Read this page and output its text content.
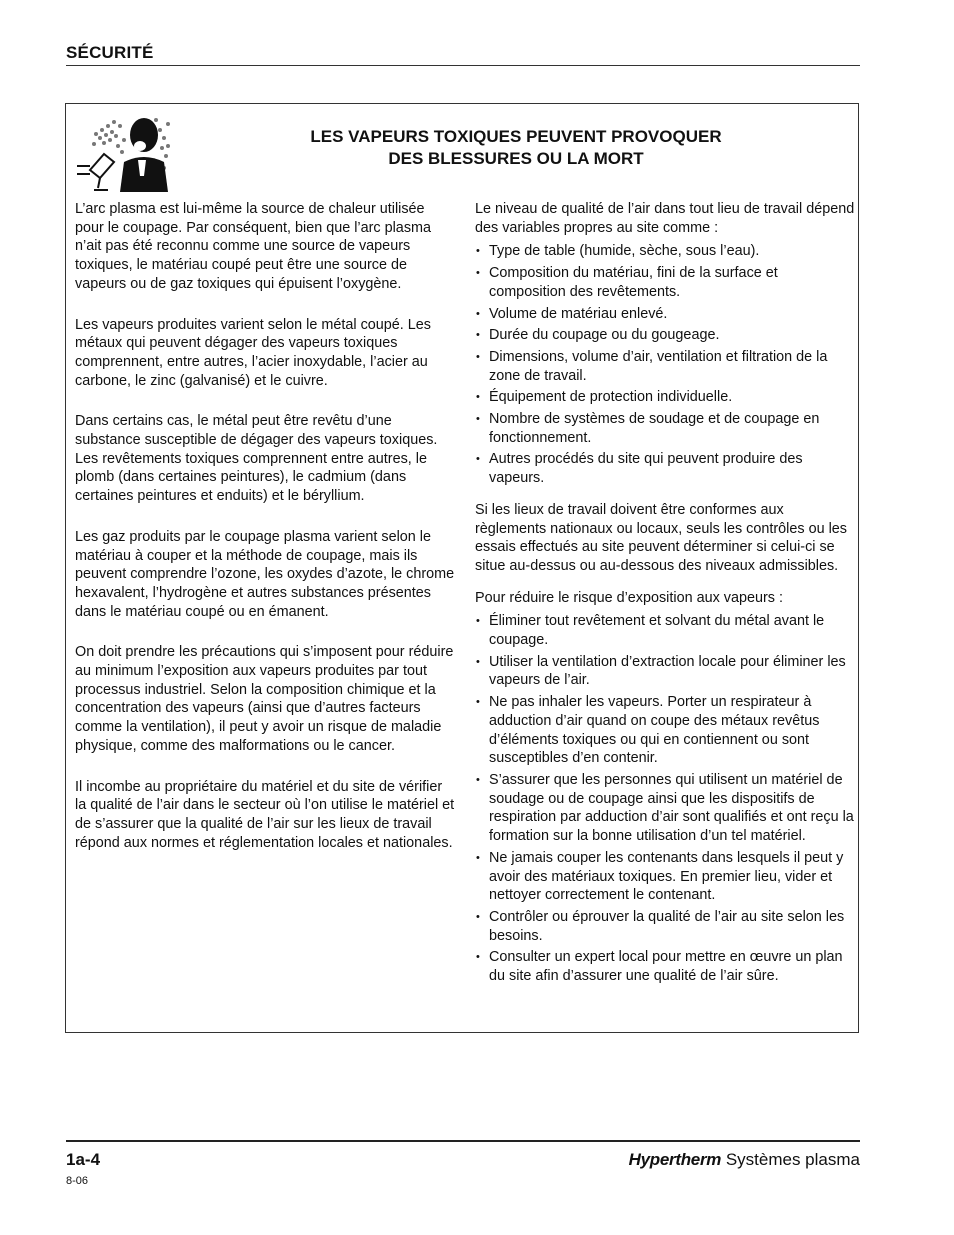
SÉCURITÉ
LES VAPEURS TOXIQUES PEUVENT PROVOQUER
DES BLESSURES OU LA MORT

L’arc plasma est lui-même la source de chaleur utilisée pour le coupage. Par conséquent, bien que l’arc plasma n’ait pas été reconnu comme une source de vapeurs toxiques, le matériau coupé peut être une source de vapeurs ou de gaz toxiques qui épuisent l’oxygène.

Les vapeurs produites varient selon le métal coupé. Les métaux qui peuvent dégager des vapeurs toxiques comprennent, entre autres, l’acier inoxydable, l’acier au carbone, le zinc (galvanisé) et le cuivre.

Dans certains cas, le métal peut être revêtu d’une substance susceptible de dégager des vapeurs toxiques. Les revêtements toxiques comprennent entre autres, le plomb (dans certaines peintures), le cadmium (dans certaines peintures et enduits) et le béryllium.

Les gaz produits par le coupage plasma varient selon le matériau à couper et la méthode de coupage, mais ils peuvent comprendre l’ozone, les oxydes d’azote, le chrome hexavalent, l’hydrogène et autres substances présentes dans le matériau coupé ou en émanent.

On doit prendre les précautions qui s’imposent pour réduire au minimum l’exposition aux vapeurs produites par tout processus industriel. Selon la composition chimique et la concentration des vapeurs (ainsi que d’autres facteurs comme la ventilation), il peut y avoir un risque de maladie physique, comme des malformations ou le cancer.

Il incombe au propriétaire du matériel et du site de vérifier la qualité de l’air dans le secteur où l’on utilise le matériel et de s’assurer que la qualité de l’air sur les lieux de travail répond aux normes et réglementation locales et nationales.

Le niveau de qualité de l’air dans tout lieu de travail dépend des variables propres au site comme :

• Type de table (humide, sèche, sous l’eau).
• Composition du matériau, fini de la surface et composition des revêtements.
• Volume de matériau enlevé.
• Durée du coupage ou du gougeage.
• Dimensions, volume d’air, ventilation et filtration de la zone de travail.
• Équipement de protection individuelle.
• Nombre de systèmes de soudage et de coupage en fonctionnement.
• Autres procédés du site qui peuvent produire des vapeurs.

Si les lieux de travail doivent être conformes aux règlements nationaux ou locaux, seuls les contrôles ou les essais effectués au site peuvent déterminer si celui-ci se situe au-dessus ou au-dessous des niveaux admissibles.

Pour réduire le risque d’exposition aux vapeurs :

• Éliminer tout revêtement et solvant du métal avant le coupage.
• Utiliser la ventilation d’extraction locale pour éliminer les vapeurs de l’air.
• Ne pas inhaler les vapeurs. Porter un respirateur à adduction d’air quand on coupe des métaux revêtus d’éléments toxiques ou qui en contiennent ou sont susceptibles d’en contenir.
• S’assurer que les personnes qui utilisent un matériel de soudage ou de coupage ainsi que les dispositifs de respiration par adduction d’air sont qualifiés et ont reçu la formation sur la bonne utilisation d’un tel matériel.
• Ne jamais couper les contenants dans lesquels il peut y avoir des matériaux toxiques. En premier lieu, vider et nettoyer correctement le contenant.
• Contrôler ou éprouver la qualité de l’air au site selon les besoins.
• Consulter un expert local pour mettre en œuvre un plan du site afin d’assurer une qualité de l’air sûre.
1a-4
8-06
Hypertherm Systèmes plasma
